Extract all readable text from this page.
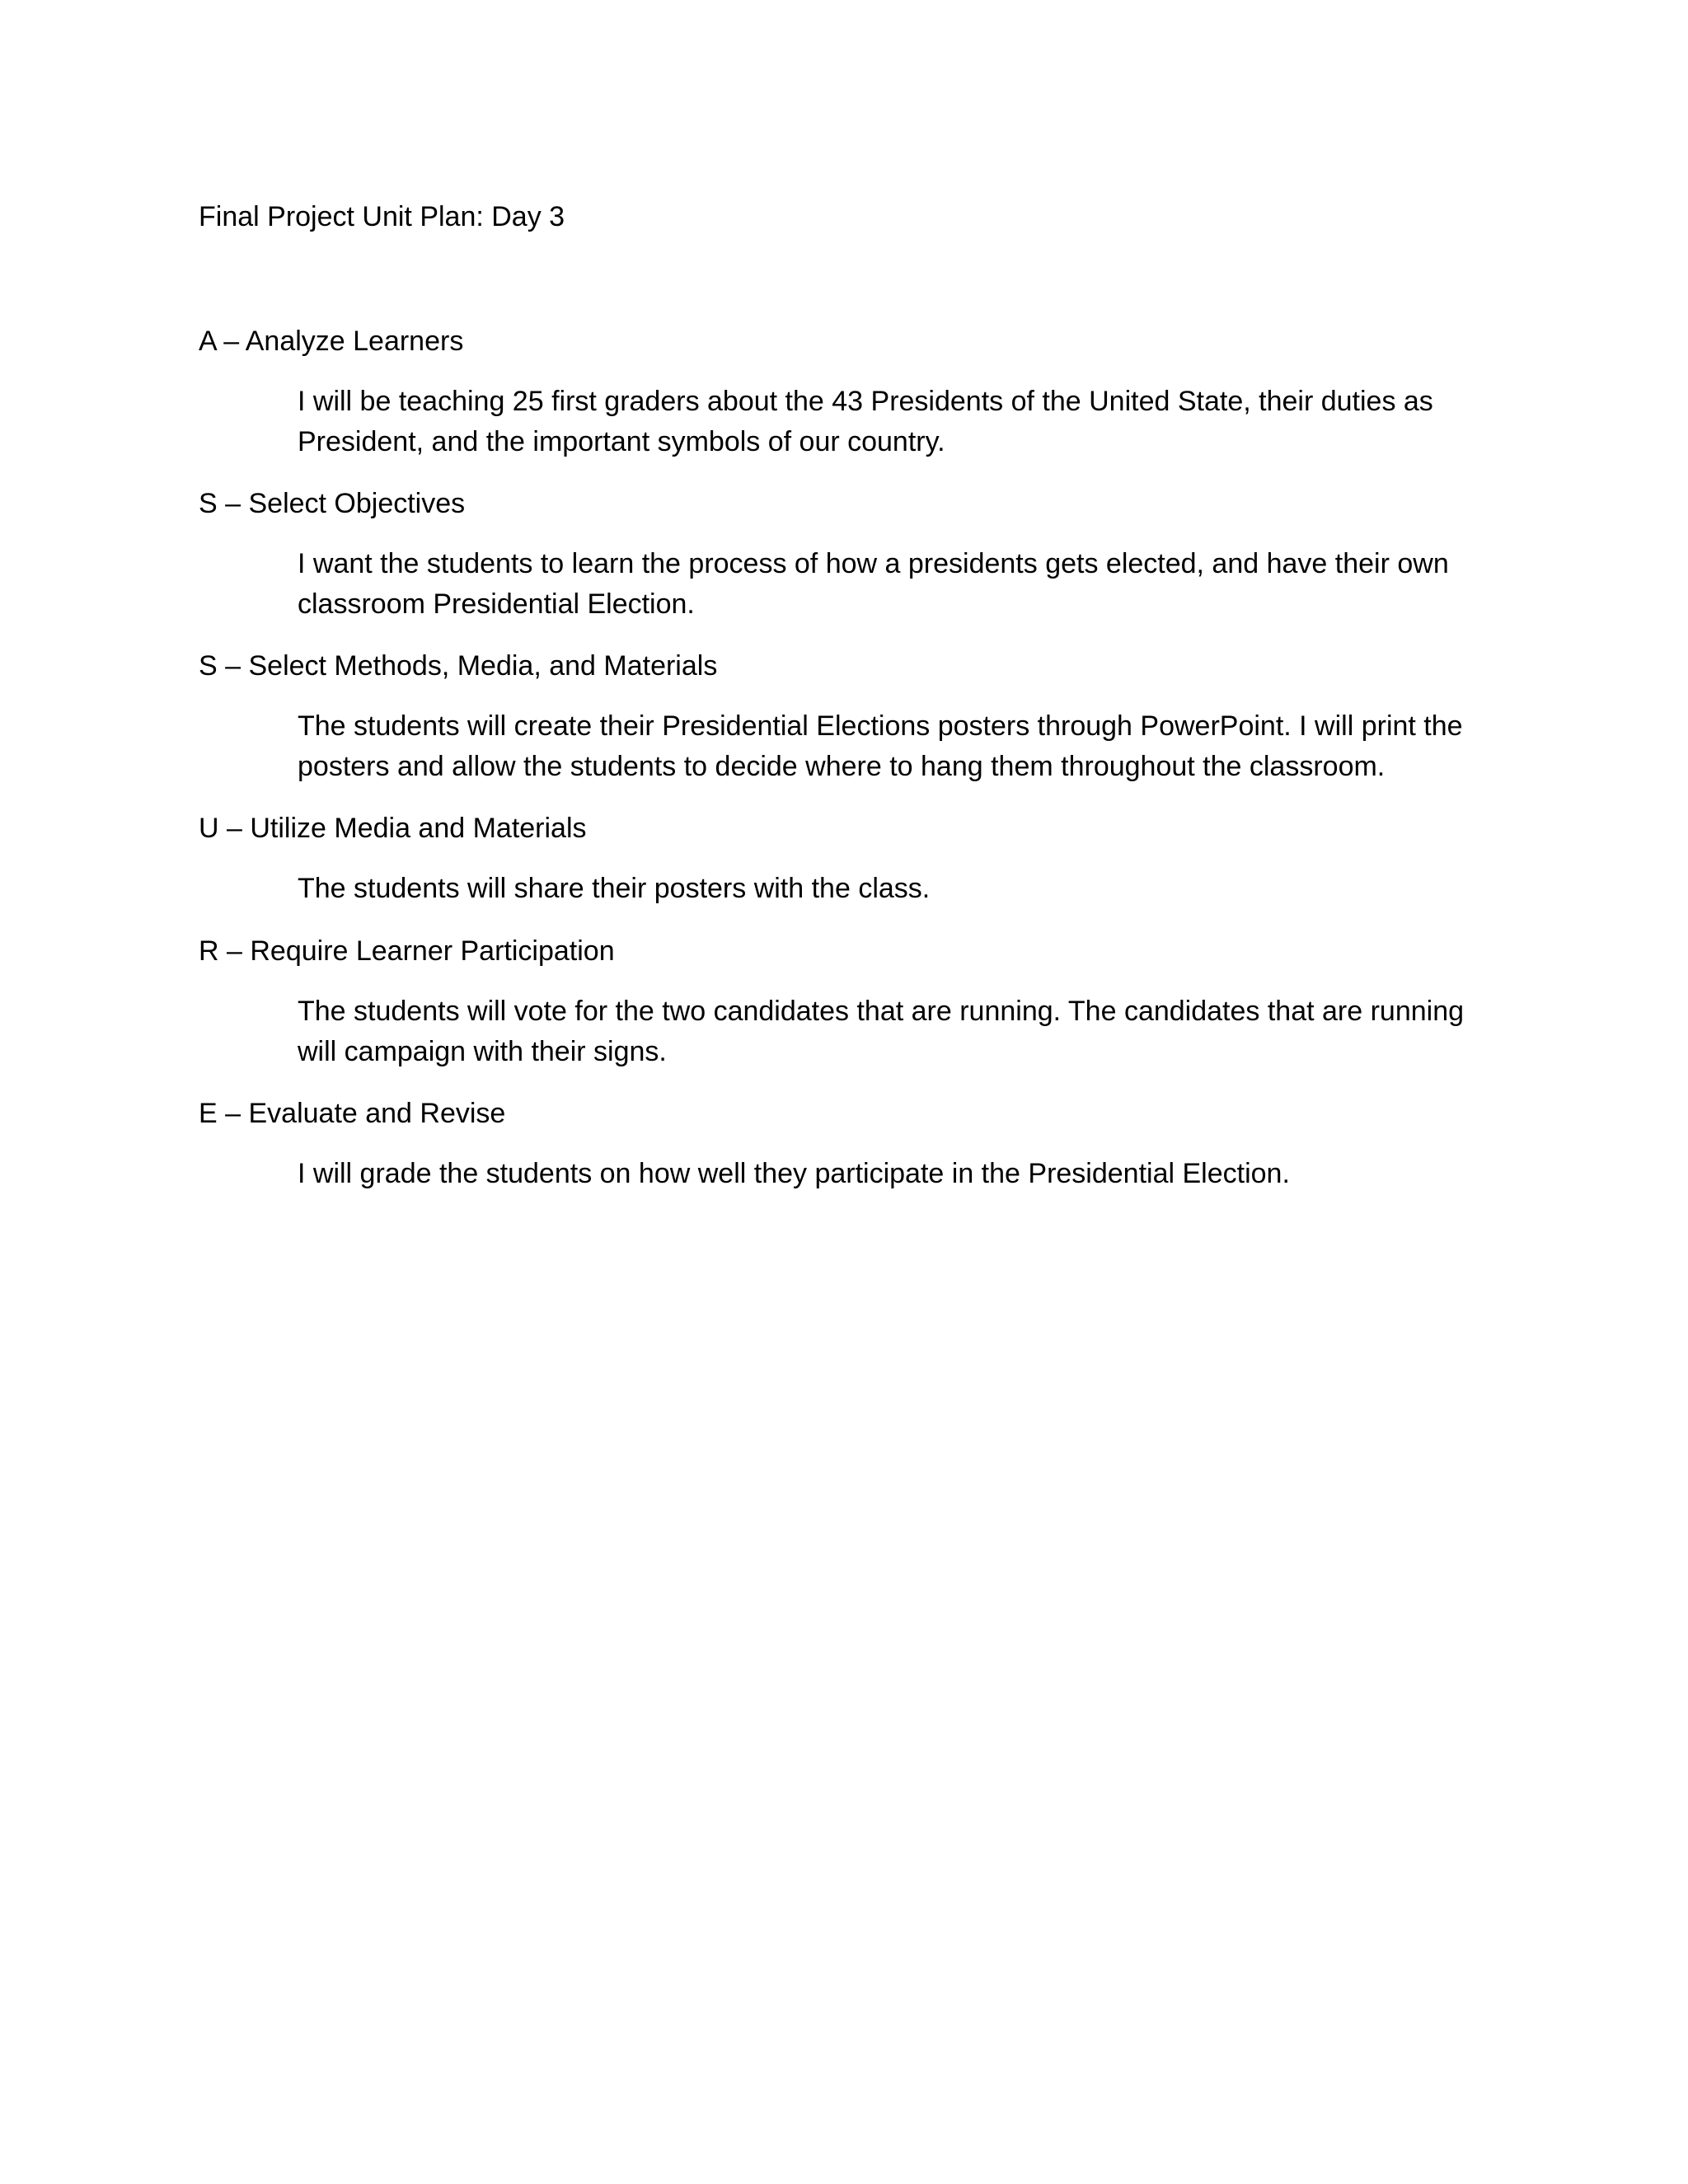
Final Project Unit Plan: Day 3
A – Analyze Learners
I will be teaching 25 first graders about the 43 Presidents of the United State, their duties as
President, and the important symbols of our country.
S – Select Objectives
I want the students to learn the process of how a presidents gets elected, and have their own
classroom Presidential Election.
S – Select Methods, Media, and Materials
The students will create their Presidential Elections posters through PowerPoint. I will print the
posters and allow the students to decide where to hang them throughout the classroom.
U – Utilize Media and Materials
The students will share their posters with the class.
R – Require Learner Participation
The students will vote for the two candidates that are running. The candidates that are running
will campaign with their signs.
E – Evaluate and Revise
I will grade the students on how well they participate in the Presidential Election.
